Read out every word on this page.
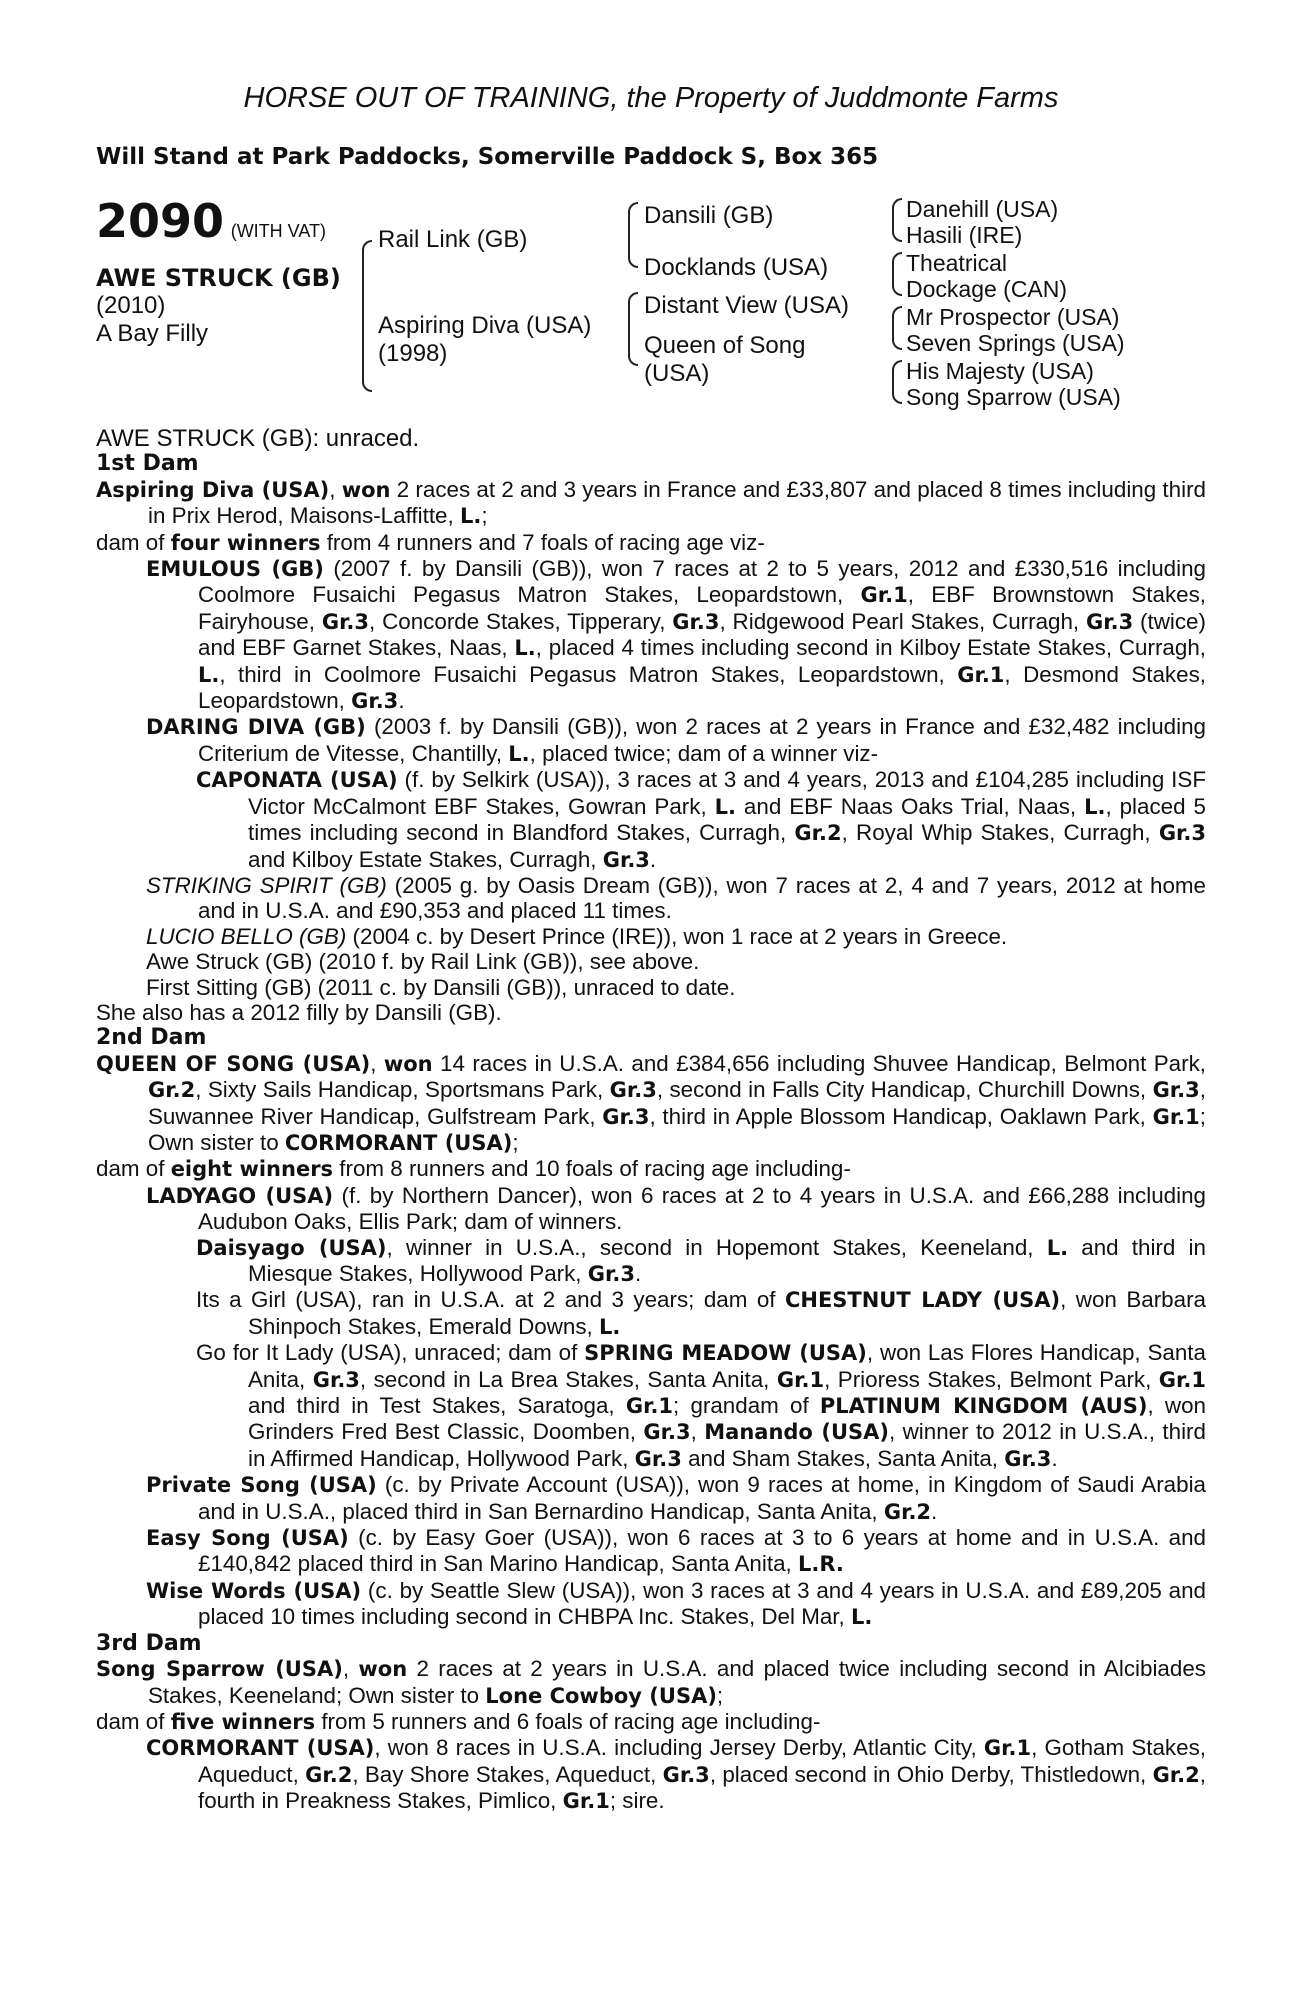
HORSE OUT OF TRAINING, the Property of Juddmonte Farms
Will Stand at Park Paddocks, Somerville Paddock S, Box 365
2090 (WITH VAT)
AWE STRUCK (GB)
(2010)
A Bay Filly
Rail Link (GB)
Aspiring Diva (USA)
(1998)
Dansili (GB)
Docklands (USA)
Distant View (USA)
Queen of Song
(USA)
Danehill (USA)
Hasili (IRE)
Theatrical
Dockage (CAN)
Mr Prospector (USA)
Seven Springs (USA)
His Majesty (USA)
Song Sparrow (USA)

AWE STRUCK (GB): unraced.

1st Dam

Aspiring Diva (USA), won 2 races at 2 and 3 years in France and £33,807 and placed 8 times including third in Prix Herod, Maisons-Laffitte, L.;

dam of four winners from 4 runners and 7 foals of racing age viz-

EMULOUS (GB) (2007 f. by Dansili (GB)), won 7 races at 2 to 5 years, 2012 and £330,516 including Coolmore Fusaichi Pegasus Matron Stakes, Leopardstown, Gr.1, EBF Brownstown Stakes, Fairyhouse, Gr.3, Concorde Stakes, Tipperary, Gr.3, Ridgewood Pearl Stakes, Curragh, Gr.3 (twice) and EBF Garnet Stakes, Naas, L., placed 4 times including second in Kilboy Estate Stakes, Curragh, L., third in Coolmore Fusaichi Pegasus Matron Stakes, Leopardstown, Gr.1, Desmond Stakes, Leopardstown, Gr.3.

DARING DIVA (GB) (2003 f. by Dansili (GB)), won 2 races at 2 years in France and £32,482 including Criterium de Vitesse, Chantilly, L., placed twice; dam of a winner viz-

CAPONATA (USA) (f. by Selkirk (USA)), 3 races at 3 and 4 years, 2013 and £104,285 including ISF Victor McCalmont EBF Stakes, Gowran Park, L. and EBF Naas Oaks Trial, Naas, L., placed 5 times including second in Blandford Stakes, Curragh, Gr.2, Royal Whip Stakes, Curragh, Gr.3 and Kilboy Estate Stakes, Curragh, Gr.3.

STRIKING SPIRIT (GB) (2005 g. by Oasis Dream (GB)), won 7 races at 2, 4 and 7 years, 2012 at home and in U.S.A. and £90,353 and placed 11 times.

LUCIO BELLO (GB) (2004 c. by Desert Prince (IRE)), won 1 race at 2 years in Greece.

Awe Struck (GB) (2010 f. by Rail Link (GB)), see above.

First Sitting (GB) (2011 c. by Dansili (GB)), unraced to date.

She also has a 2012 filly by Dansili (GB).

2nd Dam

QUEEN OF SONG (USA), won 14 races in U.S.A. and £384,656 including Shuvee Handicap, Belmont Park, Gr.2, Sixty Sails Handicap, Sportsmans Park, Gr.3, second in Falls City Handicap, Churchill Downs, Gr.3, Suwannee River Handicap, Gulfstream Park, Gr.3, third in Apple Blossom Handicap, Oaklawn Park, Gr.1; Own sister to CORMORANT (USA);

dam of eight winners from 8 runners and 10 foals of racing age including-

LADYAGO (USA) (f. by Northern Dancer), won 6 races at 2 to 4 years in U.S.A. and £66,288 including Audubon Oaks, Ellis Park; dam of winners.

Daisyago (USA), winner in U.S.A., second in Hopemont Stakes, Keeneland, L. and third in Miesque Stakes, Hollywood Park, Gr.3.

Its a Girl (USA), ran in U.S.A. at 2 and 3 years; dam of CHESTNUT LADY (USA), won Barbara Shinpoch Stakes, Emerald Downs, L.

Go for It Lady (USA), unraced; dam of SPRING MEADOW (USA), won Las Flores Handicap, Santa Anita, Gr.3, second in La Brea Stakes, Santa Anita, Gr.1, Prioress Stakes, Belmont Park, Gr.1 and third in Test Stakes, Saratoga, Gr.1; grandam of PLATINUM KINGDOM (AUS), won Grinders Fred Best Classic, Doomben, Gr.3, Manando (USA), winner to 2012 in U.S.A., third in Affirmed Handicap, Hollywood Park, Gr.3 and Sham Stakes, Santa Anita, Gr.3.

Private Song (USA) (c. by Private Account (USA)), won 9 races at home, in Kingdom of Saudi Arabia and in U.S.A., placed third in San Bernardino Handicap, Santa Anita, Gr.2.

Easy Song (USA) (c. by Easy Goer (USA)), won 6 races at 3 to 6 years at home and in U.S.A. and £140,842 placed third in San Marino Handicap, Santa Anita, L.R.

Wise Words (USA) (c. by Seattle Slew (USA)), won 3 races at 3 and 4 years in U.S.A. and £89,205 and placed 10 times including second in CHBPA Inc. Stakes, Del Mar, L.

3rd Dam

Song Sparrow (USA), won 2 races at 2 years in U.S.A. and placed twice including second in Alcibiades Stakes, Keeneland; Own sister to Lone Cowboy (USA);

dam of five winners from 5 runners and 6 foals of racing age including-

CORMORANT (USA), won 8 races in U.S.A. including Jersey Derby, Atlantic City, Gr.1, Gotham Stakes, Aqueduct, Gr.2, Bay Shore Stakes, Aqueduct, Gr.3, placed second in Ohio Derby, Thistledown, Gr.2, fourth in Preakness Stakes, Pimlico, Gr.1; sire.
